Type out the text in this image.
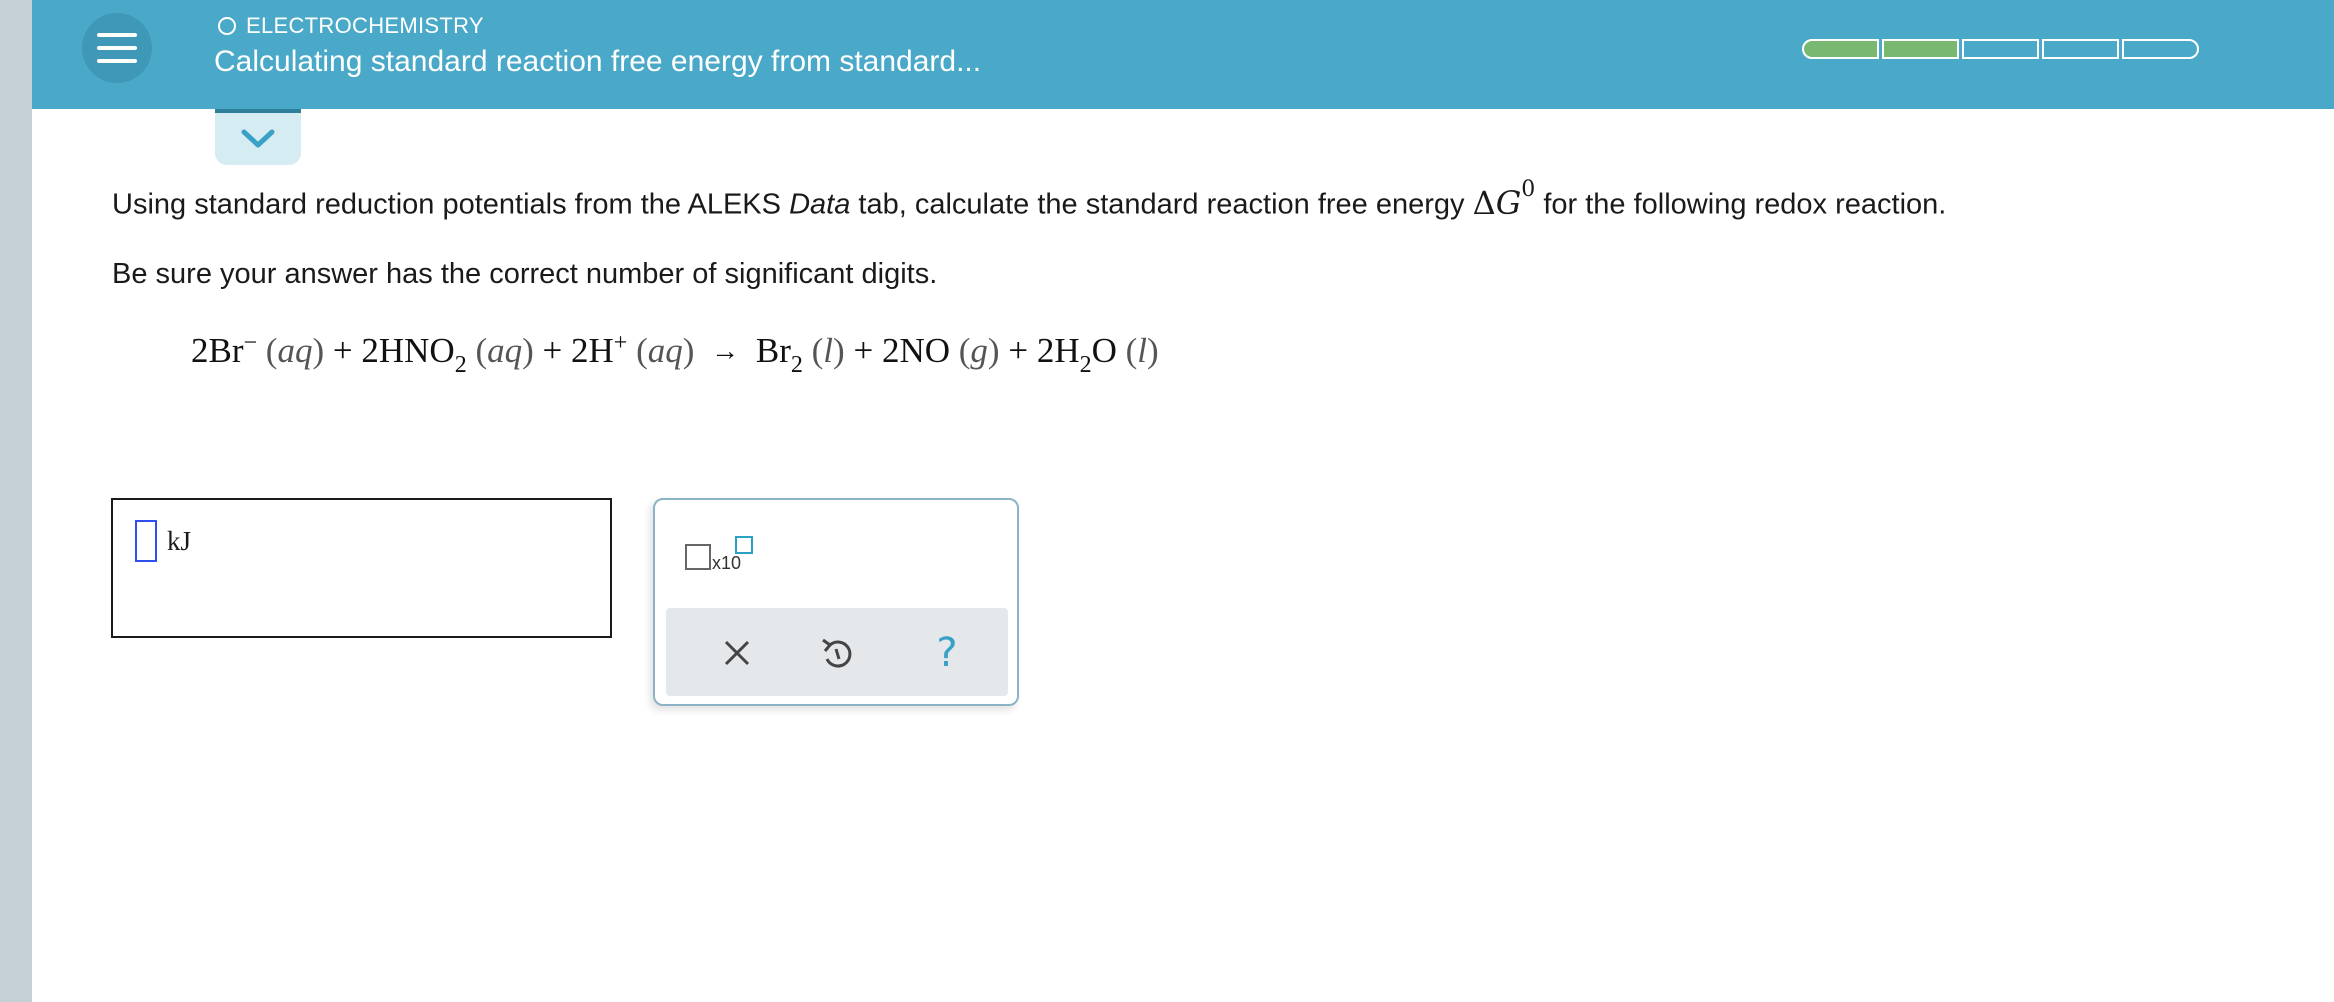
ELECTROCHEMISTRY
Calculating standard reaction free energy from standard...
Using standard reduction potentials from the ALEKS Data tab, calculate the standard reaction free energy $\Delta G^0$ for the following redox reaction.
Be sure your answer has the correct number of significant digits.
2Br− $(aq) + 2HNO_2$ (aq) + 2H+ $(aq) \to Br_2$ (l) + 2NO $(g) + 2H_2O$ (l)
kJ
x10
?
